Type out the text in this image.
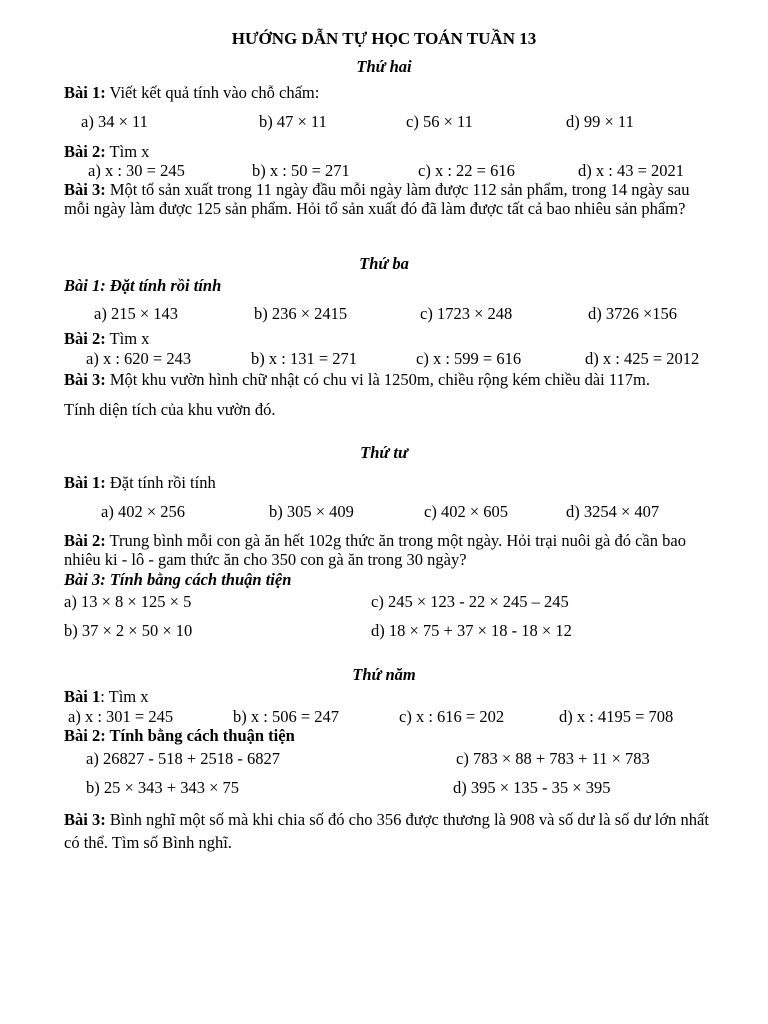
HƯỚNG DẪN TỰ HỌC TOÁN TUẦN 13
Thứ hai
Bài 1: Viết kết quả tính vào chỗ chấm:
a) 34 × 11	b) 47 × 11	c) 56 × 11	d) 99 × 11
Bài 2: Tìm x
a) x : 30 = 245	b) x : 50 = 271	c) x : 22 = 616	d) x : 43 = 2021
Bài 3: Một tổ sản xuất trong 11 ngày đầu mỗi ngày làm được 112 sản phẩm, trong 14 ngày sau mỗi ngày làm được 125 sản phẩm. Hỏi tổ sản xuất đó đã làm được tất cả bao nhiêu sản phẩm?
Thứ ba
Bài 1: Đặt tính rồi tính
a) 215 × 143	b) 236 × 2415	c) 1723 × 248	d) 3726 ×156
Bài 2: Tìm x
a) x : 620 = 243	b) x : 131 = 271	c) x : 599 = 616	d) x : 425 = 2012
Bài 3: Một khu vườn hình chữ nhật có chu vi là 1250m, chiều rộng kém chiều dài 117m.
Tính diện tích của khu vườn đó.
Thứ tư
Bài 1: Đặt tính rồi tính
a) 402 × 256	b) 305 × 409	c) 402 × 605	d) 3254 × 407
Bài 2: Trung bình mỗi con gà ăn hết 102g thức ăn trong một ngày. Hỏi trại nuôi gà đó cần bao nhiêu ki - lô - gam thức ăn cho 350 con gà ăn trong 30 ngày?
Bài 3: Tính bằng cách thuận tiện
a) 13 × 8 × 125 × 5	c) 245 × 123 - 22 × 245 – 245
b) 37 × 2 × 50 × 10	d) 18 × 75 + 37 × 18 - 18 × 12
Thứ năm
Bài 1: Tìm x
a) x : 301 = 245	b) x : 506 = 247	c) x : 616 = 202	d) x : 4195 = 708
Bài 2: Tính bằng cách thuận tiện
a) 26827 - 518 + 2518 - 6827	c) 783 × 88 + 783 + 11 × 783
b) 25 × 343 + 343 × 75	d) 395 × 135 - 35 × 395
Bài 3: Bình nghĩ một số mà khi chia số đó cho 356 được thương là 908 và số dư là số dư lớn nhất có thể. Tìm số Bình nghĩ.
